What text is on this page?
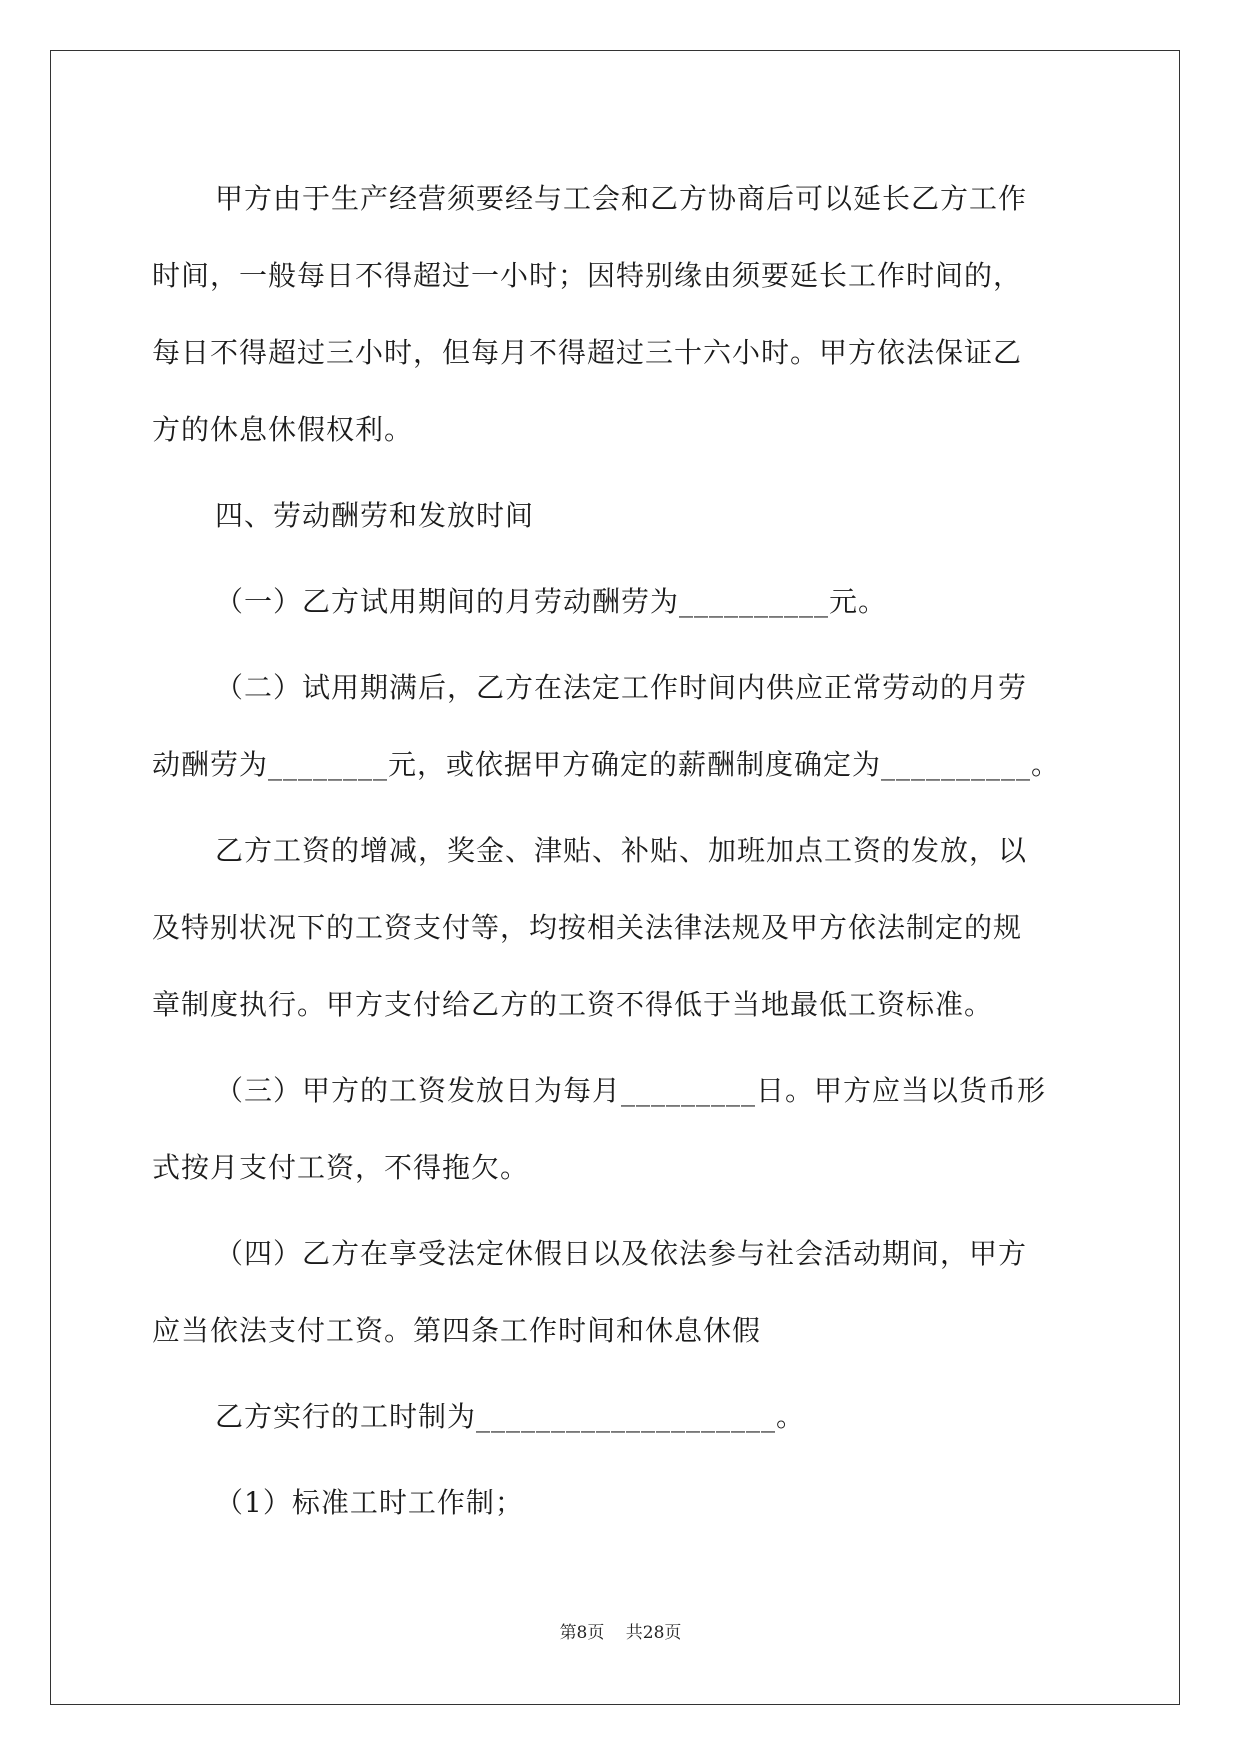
甲方由于生产经营须要经与工会和乙方协商后可以延长乙方工作
时间，一般每日不得超过一小时；因特别缘由须要延长工作时间的，
每日不得超过三小时，但每月不得超过三十六小时。甲方依法保证乙
方的休息休假权利。

四、劳动酬劳和发放时间

（一）乙方试用期间的月劳动酬劳为__________元。

（二）试用期满后，乙方在法定工作时间内供应正常劳动的月劳
动酬劳为________元，或依据甲方确定的薪酬制度确定为__________。

乙方工资的增减，奖金、津贴、补贴、加班加点工资的发放，以
及特别状况下的工资支付等，均按相关法律法规及甲方依法制定的规
章制度执行。甲方支付给乙方的工资不得低于当地最低工资标准。

（三）甲方的工资发放日为每月_________日。甲方应当以货币形
式按月支付工资，不得拖欠。

（四）乙方在享受法定休假日以及依法参与社会活动期间，甲方
应当依法支付工资。第四条工作时间和休息休假

乙方实行的工时制为____________________。

（1）标准工时工作制；

第8页 共28页
